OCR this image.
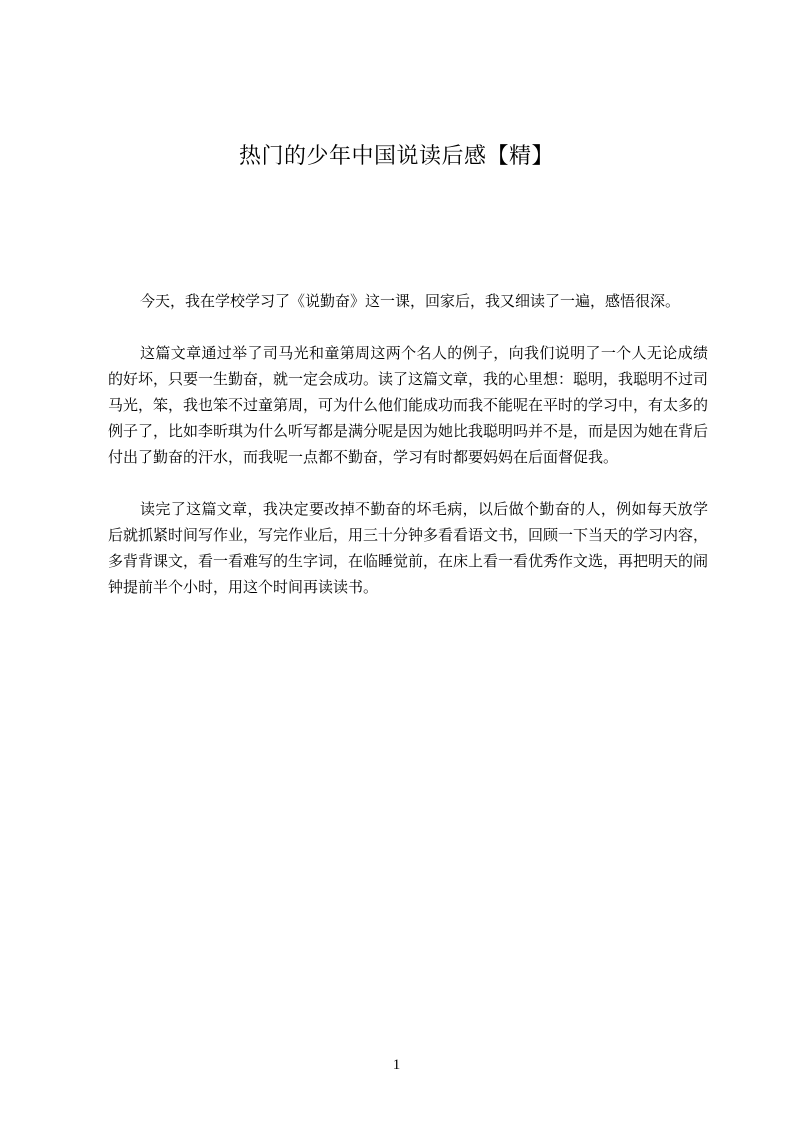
热门的少年中国说读后感【精】

今天，我在学校学习了《说勤奋》这一课，回家后，我又细读了一遍，感悟很深。

这篇文章通过举了司马光和童第周这两个名人的例子，向我们说明了一个人无论成绩的好坏，只要一生勤奋，就一定会成功。读了这篇文章，我的心里想：聪明，我聪明不过司马光，笨，我也笨不过童第周，可为什么他们能成功而我不能呢在平时的学习中，有太多的例子了，比如李昕琪为什么听写都是满分呢是因为她比我聪明吗并不是，而是因为她在背后付出了勤奋的汗水，而我呢一点都不勤奋，学习有时都要妈妈在后面督促我。

读完了这篇文章，我决定要改掉不勤奋的坏毛病，以后做个勤奋的人，例如每天放学后就抓紧时间写作业，写完作业后，用三十分钟多看看语文书，回顾一下当天的学习内容，多背背课文，看一看难写的生字词，在临睡觉前，在床上看一看优秀作文选，再把明天的闹钟提前半个小时，用这个时间再读读书。

1
